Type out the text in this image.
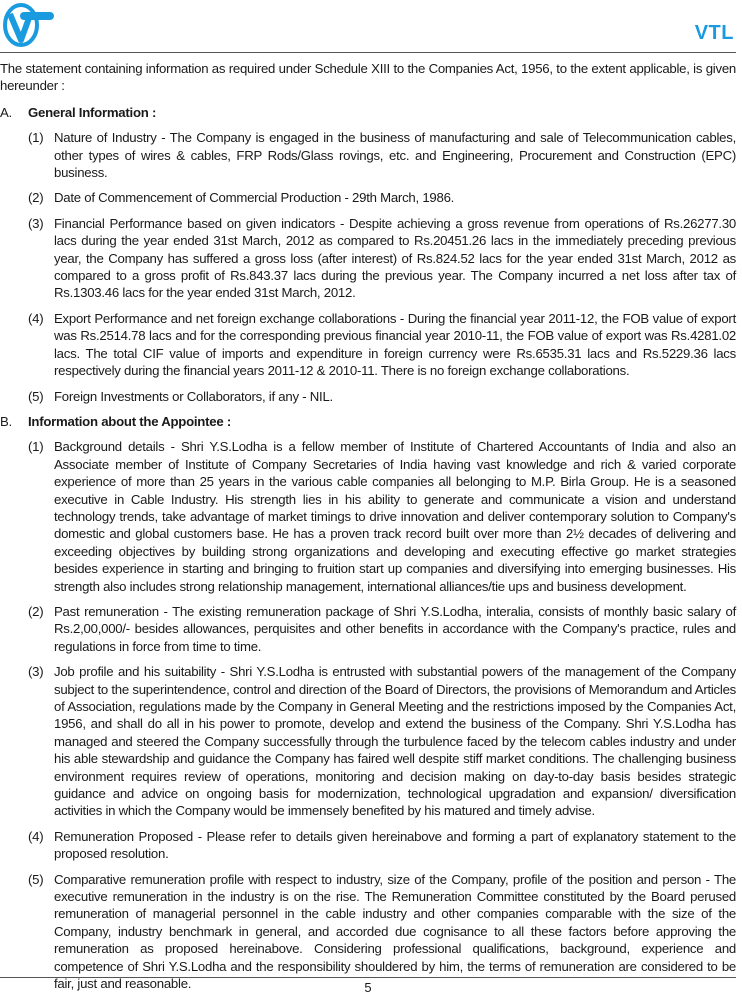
VTL

The statement containing information as required under Schedule XIII to the Companies Act, 1956, to the extent applicable, is given hereunder :

A.	General Information :
(1) Nature of Industry - The Company is engaged in the business of manufacturing and sale of Telecommunication cables, other types of wires & cables, FRP Rods/Glass rovings, etc. and Engineering, Procurement and Construction (EPC) business.
(2) Date of Commencement of Commercial Production - 29th March, 1986.
(3) Financial Performance based on given indicators - Despite achieving a gross revenue from operations of Rs.26277.30 lacs during the year ended 31st March, 2012 as compared to Rs.20451.26 lacs in the immediately preceding previous year, the Company has suffered a gross loss (after interest) of Rs.824.52 lacs for the year ended 31st March, 2012 as compared to a gross profit of Rs.843.37 lacs during the previous year. The Company incurred a net loss after tax of Rs.1303.46 lacs for the year ended 31st March, 2012.
(4) Export Performance and net foreign exchange collaborations - During the financial year 2011-12, the FOB value of export was Rs.2514.78 lacs and for the corresponding previous financial year 2010-11, the FOB value of export was Rs.4281.02 lacs. The total CIF value of imports and expenditure in foreign currency were Rs.6535.31 lacs and Rs.5229.36 lacs respectively during the financial years 2011-12 & 2010-11. There is no foreign exchange collaborations.
(5) Foreign Investments or Collaborators, if any - NIL.
B.	Information about the Appointee :
(1) Background details - Shri Y.S.Lodha is a fellow member of Institute of Chartered Accountants of India and also an Associate member of Institute of Company Secretaries of India having vast knowledge and rich & varied corporate experience of more than 25 years in the various cable companies all belonging to M.P. Birla Group. He is a seasoned executive in Cable Industry. His strength lies in his ability to generate and communicate a vision and understand technology trends, take advantage of market timings to drive innovation and deliver contemporary solution to Company's domestic and global customers base. He has a proven track record built over more than 2½ decades of delivering and exceeding objectives by building strong organizations and developing and executing effective go market strategies besides experience in starting and bringing to fruition start up companies and diversifying into emerging businesses. His strength also includes strong relationship management, international alliances/tie ups and business development.
(2) Past remuneration - The existing remuneration package of Shri Y.S.Lodha, interalia, consists of monthly basic salary of Rs.2,00,000/- besides allowances, perquisites and other benefits in accordance with the Company's practice, rules and regulations in force from time to time.
(3) Job profile and his suitability - Shri Y.S.Lodha is entrusted with substantial powers of the management of the Company subject to the superintendence, control and direction of the Board of Directors, the provisions of Memorandum and Articles of Association, regulations made by the Company in General Meeting and the restrictions imposed by the Companies Act, 1956, and shall do all in his power to promote, develop and extend the business of the Company. Shri Y.S.Lodha has managed and steered the Company successfully through the turbulence faced by the telecom cables industry and under his able stewardship and guidance the Company has faired well despite stiff market conditions. The challenging business environment requires review of operations, monitoring and decision making on day-to-day basis besides strategic guidance and advice on ongoing basis for modernization, technological upgradation and expansion/ diversification activities in which the Company would be immensely benefited by his matured and timely advise.
(4) Remuneration Proposed - Please refer to details given hereinabove and forming a part of explanatory statement to the proposed resolution.
(5) Comparative remuneration profile with respect to industry, size of the Company, profile of the position and person - The executive remuneration in the industry is on the rise. The Remuneration Committee constituted by the Board perused remuneration of managerial personnel in the cable industry and other companies comparable with the size of the Company, industry benchmark in general, and accorded due cognisance to all these factors before approving the remuneration as proposed hereinabove. Considering professional qualifications, background, experience and competence of Shri Y.S.Lodha and the responsibility shouldered by him, the terms of remuneration are considered to be fair, just and reasonable.	5
